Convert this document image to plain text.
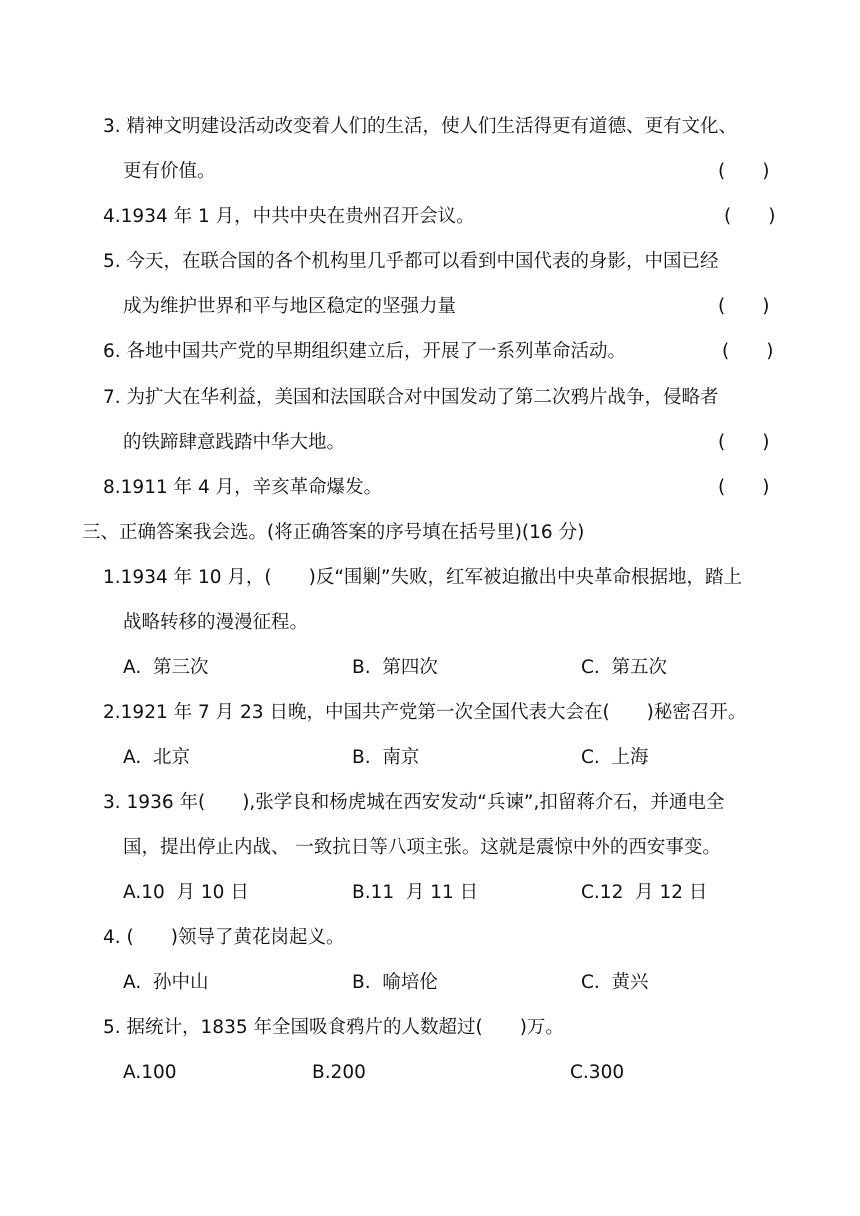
3. 精神文明建设活动改变着人们的生活，使人们生活得更有道德、更有文化、
更有价值。	(　　)
4.1934 年 1 月，中共中央在贵州召开会议。	(　　)
5. 今天，在联合国的各个机构里几乎都可以看到中国代表的身影，中国已经
成为维护世界和平与地区稳定的坚强力量	(　　)
6. 各地中国共产党的早期组织建立后，开展了一系列革命活动。	(　　)
7. 为扩大在华利益，美国和法国联合对中国发动了第二次鸦片战争，侵略者
的铁蹄肆意践踏中华大地。	(　　)
8.1911 年 4 月，辛亥革命爆发。	(　　)
三、正确答案我会选。(将正确答案的序号填在括号里)(16 分)
1.1934 年 10 月，(　　)反“围剿”失败，红军被迫撤出中央革命根据地，踏上
战略转移的漫漫征程。
A.  第三次	B.  第四次	C.  第五次
2.1921 年 7 月 23 日晚，中国共产党第一次全国代表大会在(　　)秘密召开。
A.  北京	B.  南京	C.  上海
3. 1936 年(　　),张学良和杨虎城在西安发动“兵谏”,扣留蒋介石，并通电全
国，提出停止内战、 一致抗日等八项主张。这就是震惊中外的西安事变。
A.10  月 10 日	B.11  月 11 日	C.12  月 12 日
4. (　　)领导了黄花岗起义。
A.  孙中山	B.  喻培伦	C.  黄兴
5. 据统计，1835 年全国吸食鸦片的人数超过(　　)万。
A.100	B.200	C.300
